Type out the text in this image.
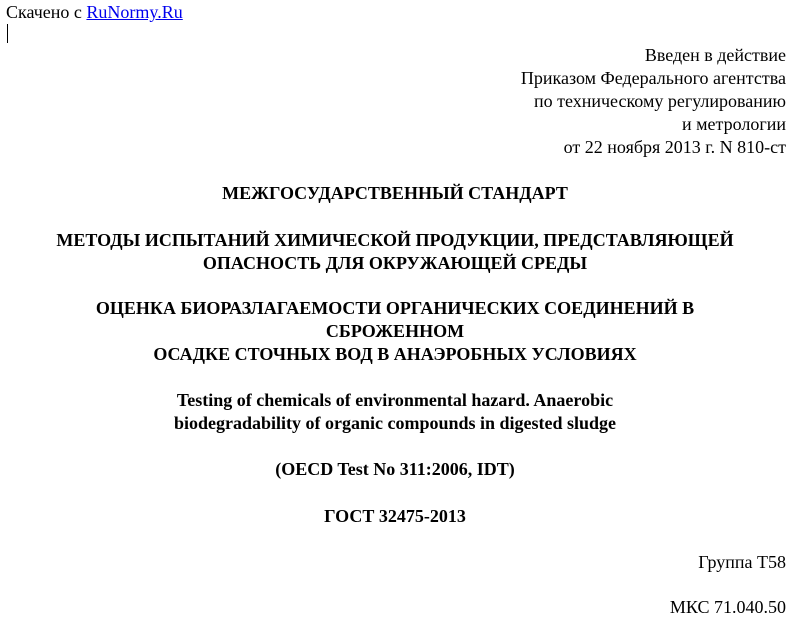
Скачено с RuNormy.Ru
Введен в действие
Приказом Федерального агентства
по техническому регулированию
и метрологии
от 22 ноября 2013 г. N 810-ст
МЕЖГОСУДАРСТВЕННЫЙ СТАНДАРТ
МЕТОДЫ ИСПЫТАНИЙ ХИМИЧЕСКОЙ ПРОДУКЦИИ, ПРЕДСТАВЛЯЮЩЕЙ
ОПАСНОСТЬ ДЛЯ ОКРУЖАЮЩЕЙ СРЕДЫ
ОЦЕНКА БИОРАЗЛАГАЕМОСТИ ОРГАНИЧЕСКИХ СОЕДИНЕНИЙ В
СБРОЖЕННОМ
ОСАДКЕ СТОЧНЫХ ВОД В АНАЭРОБНЫХ УСЛОВИЯХ
Testing of chemicals of environmental hazard. Anaerobic
biodegradability of organic compounds in digested sludge
(OECD Test No 311:2006, IDT)
ГОСТ 32475-2013
Группа Т58
МКС 71.040.50
